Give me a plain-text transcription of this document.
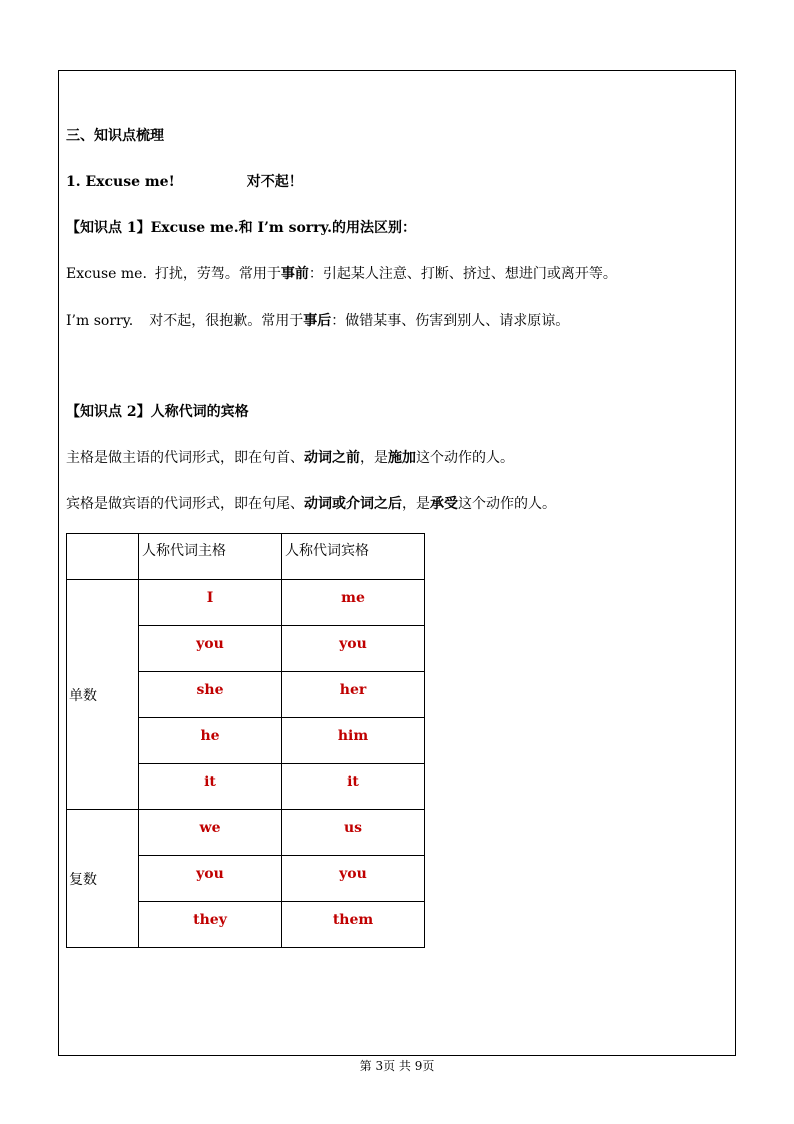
三、知识点梳理
1. Excuse me!	对不起！
【知识点 1】Excuse me.和 I’m sorry.的用法区别：
Excuse me. 打扰，劳驾。常用于事前：引起某人注意、打断、挤过、想进门或离开等。
I’m sorry. 对不起，很抱歉。常用于事后：做错某事、伤害到别人、请求原谅。
【知识点 2】人称代词的宾格
主格是做主语的代词形式，即在句首、动词之前，是施加这个动作的人。
宾格是做宾语的代词形式，即在句尾、动词或介词之后，是承受这个动作的人。
	人称代词主格	人称代词宾格
单数	I	me
	you	you
	she	her
	he	him
	it	it
复数	we	us
	you	you
	they	them
第 3页 共 9页
